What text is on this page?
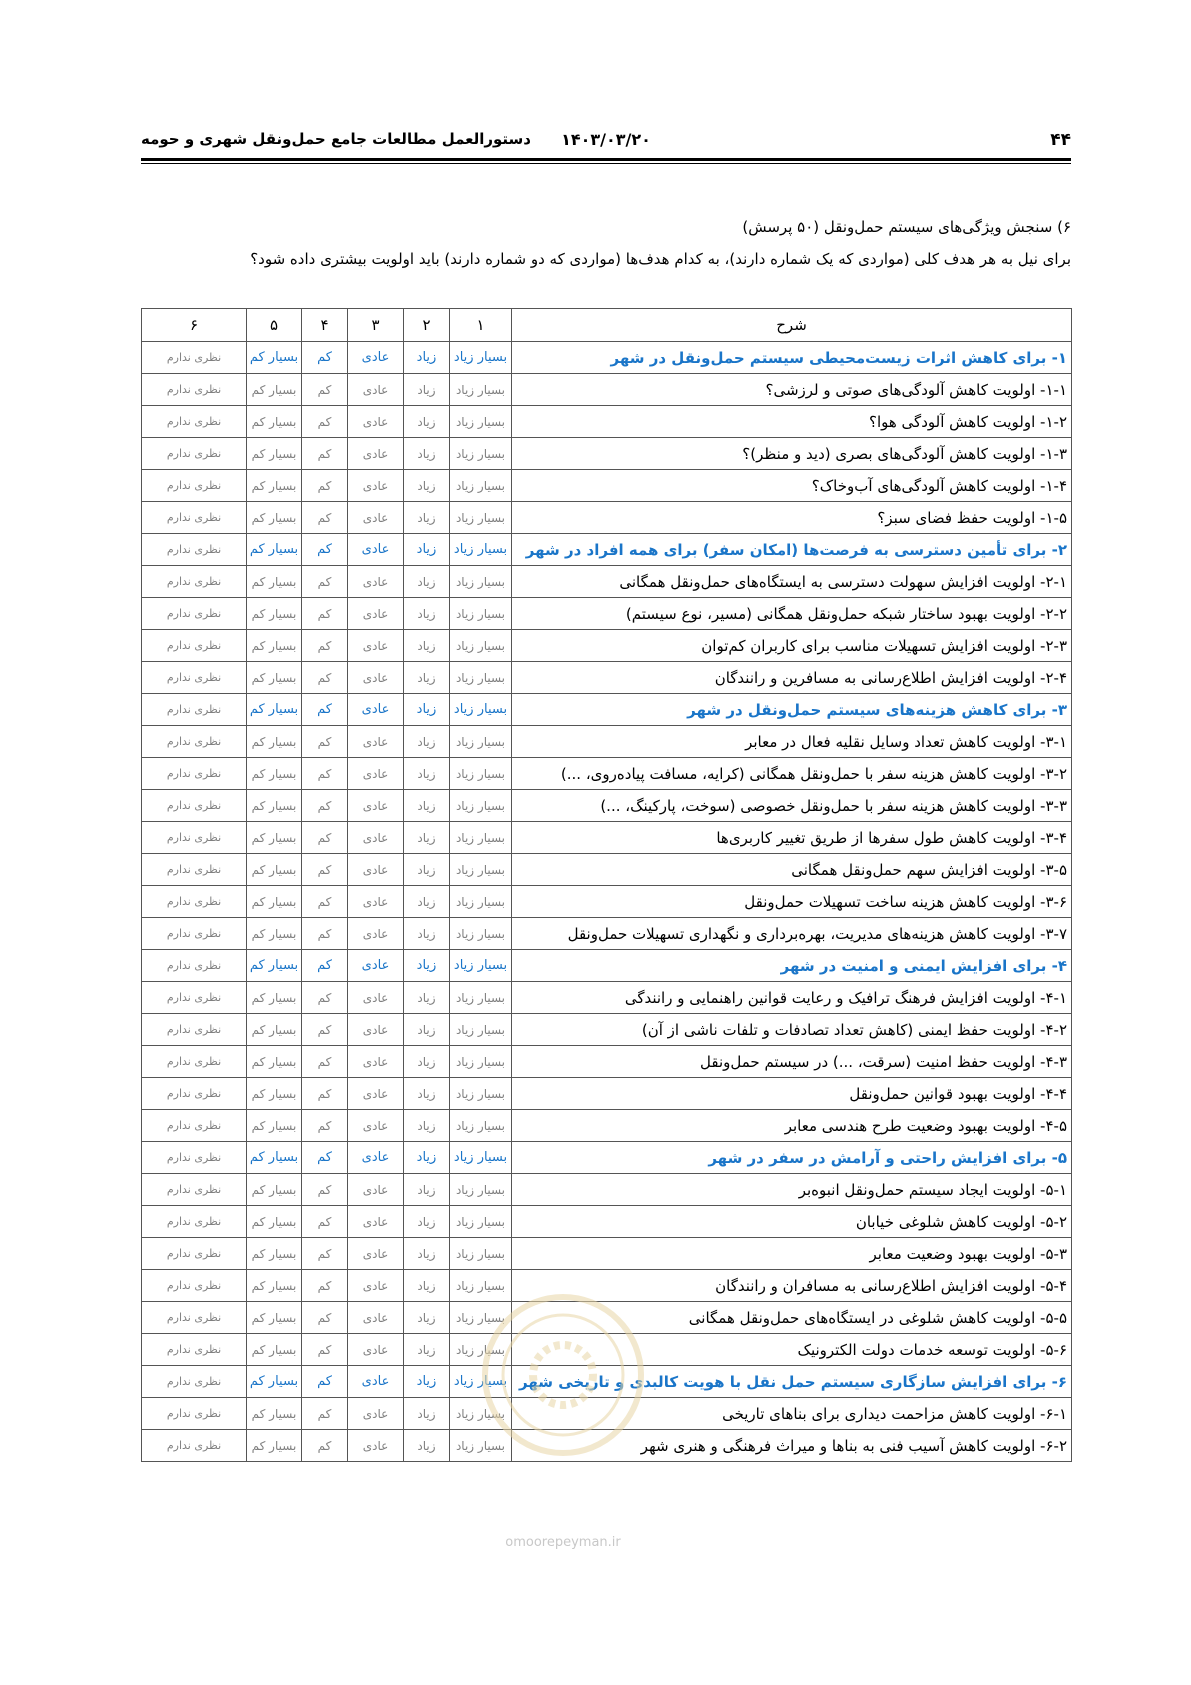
۴۴
۱۴۰۳/۰۳/۲۰
دستورالعمل مطالعات جامع حمل‌ونقل شهری و حومه
۶) سنجش ویژگی‌های سیستم حمل‌ونقل (۵۰ پرسش)
برای نیل به هر هدف کلی (مواردی که یک شماره دارند)، به کدام هدف‌ها (مواردی که دو شماره دارند) باید اولویت بیشتری داده شود؟
شرح	۱	۲	۳	۴	۵	۶
۱- برای کاهش اثرات زیست‌محیطی سیستم حمل‌ونقل در شهر	بسیار زیاد	زیاد	عادی	کم	بسیار کم	نظری ندارم
۱-۱- اولویت کاهش آلودگی‌های صوتی و لرزشی؟	بسیار زیاد	زیاد	عادی	کم	بسیار کم	نظری ندارم
۱-۲- اولویت کاهش آلودگی هوا؟	بسیار زیاد	زیاد	عادی	کم	بسیار کم	نظری ندارم
۱-۳- اولویت کاهش آلودگی‌های بصری (دید و منظر)؟	بسیار زیاد	زیاد	عادی	کم	بسیار کم	نظری ندارم
۱-۴- اولویت کاهش آلودگی‌های آب‌وخاک؟	بسیار زیاد	زیاد	عادی	کم	بسیار کم	نظری ندارم
۱-۵- اولویت حفظ فضای سبز؟	بسیار زیاد	زیاد	عادی	کم	بسیار کم	نظری ندارم
۲- برای تأمین دسترسی به فرصت‌ها (امکان سفر) برای همه افراد در شهر	بسیار زیاد	زیاد	عادی	کم	بسیار کم	نظری ندارم
۲-۱- اولویت افزایش سهولت دسترسی به ایستگاه‌های حمل‌ونقل همگانی	بسیار زیاد	زیاد	عادی	کم	بسیار کم	نظری ندارم
۲-۲- اولویت بهبود ساختار شبکه حمل‌ونقل همگانی (مسیر، نوع سیستم)	بسیار زیاد	زیاد	عادی	کم	بسیار کم	نظری ندارم
۲-۳- اولویت افزایش تسهیلات مناسب برای کاربران کم‌توان	بسیار زیاد	زیاد	عادی	کم	بسیار کم	نظری ندارم
۲-۴- اولویت افزایش اطلاع‌رسانی به مسافرین و رانندگان	بسیار زیاد	زیاد	عادی	کم	بسیار کم	نظری ندارم
۳- برای کاهش هزینه‌های سیستم حمل‌ونقل در شهر	بسیار زیاد	زیاد	عادی	کم	بسیار کم	نظری ندارم
۳-۱- اولویت کاهش تعداد وسایل نقلیه فعال در معابر	بسیار زیاد	زیاد	عادی	کم	بسیار کم	نظری ندارم
۳-۲- اولویت کاهش هزینه سفر با حمل‌ونقل همگانی (کرایه، مسافت پیاده‌روی، ...)	بسیار زیاد	زیاد	عادی	کم	بسیار کم	نظری ندارم
۳-۳- اولویت کاهش هزینه سفر با حمل‌ونقل خصوصی (سوخت، پارکینگ، ...)	بسیار زیاد	زیاد	عادی	کم	بسیار کم	نظری ندارم
۳-۴- اولویت کاهش طول سفرها از طریق تغییر کاربری‌ها	بسیار زیاد	زیاد	عادی	کم	بسیار کم	نظری ندارم
۳-۵- اولویت افزایش سهم حمل‌ونقل همگانی	بسیار زیاد	زیاد	عادی	کم	بسیار کم	نظری ندارم
۳-۶- اولویت کاهش هزینه ساخت تسهیلات حمل‌ونقل	بسیار زیاد	زیاد	عادی	کم	بسیار کم	نظری ندارم
۳-۷- اولویت کاهش هزینه‌های مدیریت، بهره‌برداری و نگهداری تسهیلات حمل‌ونقل	بسیار زیاد	زیاد	عادی	کم	بسیار کم	نظری ندارم
۴- برای افزایش ایمنی و امنیت در شهر	بسیار زیاد	زیاد	عادی	کم	بسیار کم	نظری ندارم
۴-۱- اولویت افزایش فرهنگ ترافیک و رعایت قوانین راهنمایی و رانندگی	بسیار زیاد	زیاد	عادی	کم	بسیار کم	نظری ندارم
۴-۲- اولویت حفظ ایمنی (کاهش تعداد تصادفات و تلفات ناشی از آن)	بسیار زیاد	زیاد	عادی	کم	بسیار کم	نظری ندارم
۴-۳- اولویت حفظ امنیت (سرقت، ...) در سیستم حمل‌ونقل	بسیار زیاد	زیاد	عادی	کم	بسیار کم	نظری ندارم
۴-۴- اولویت بهبود قوانین حمل‌ونقل	بسیار زیاد	زیاد	عادی	کم	بسیار کم	نظری ندارم
۴-۵- اولویت بهبود وضعیت طرح هندسی معابر	بسیار زیاد	زیاد	عادی	کم	بسیار کم	نظری ندارم
۵- برای افزایش راحتی و آرامش در سفر در شهر	بسیار زیاد	زیاد	عادی	کم	بسیار کم	نظری ندارم
۵-۱- اولویت ایجاد سیستم حمل‌ونقل انبوه‌بر	بسیار زیاد	زیاد	عادی	کم	بسیار کم	نظری ندارم
۵-۲- اولویت کاهش شلوغی خیابان	بسیار زیاد	زیاد	عادی	کم	بسیار کم	نظری ندارم
۵-۳- اولویت بهبود وضعیت معابر	بسیار زیاد	زیاد	عادی	کم	بسیار کم	نظری ندارم
۵-۴- اولویت افزایش اطلاع‌رسانی به مسافران و رانندگان	بسیار زیاد	زیاد	عادی	کم	بسیار کم	نظری ندارم
۵-۵- اولویت کاهش شلوغی در ایستگاه‌های حمل‌ونقل همگانی	بسیار زیاد	زیاد	عادی	کم	بسیار کم	نظری ندارم
۵-۶- اولویت توسعه خدمات دولت الکترونیک	بسیار زیاد	زیاد	عادی	کم	بسیار کم	نظری ندارم
۶- برای افزایش سازگاری سیستم حمل نقل با هویت کالبدی و تاریخی شهر	بسیار زیاد	زیاد	عادی	کم	بسیار کم	نظری ندارم
۶-۱- اولویت کاهش مزاحمت دیداری برای بناهای تاریخی	بسیار زیاد	زیاد	عادی	کم	بسیار کم	نظری ندارم
۶-۲- اولویت کاهش آسیب فنی به بناها و میراث فرهنگی و هنری شهر	بسیار زیاد	زیاد	عادی	کم	بسیار کم	نظری ندارم
omoorepeyman.ir
